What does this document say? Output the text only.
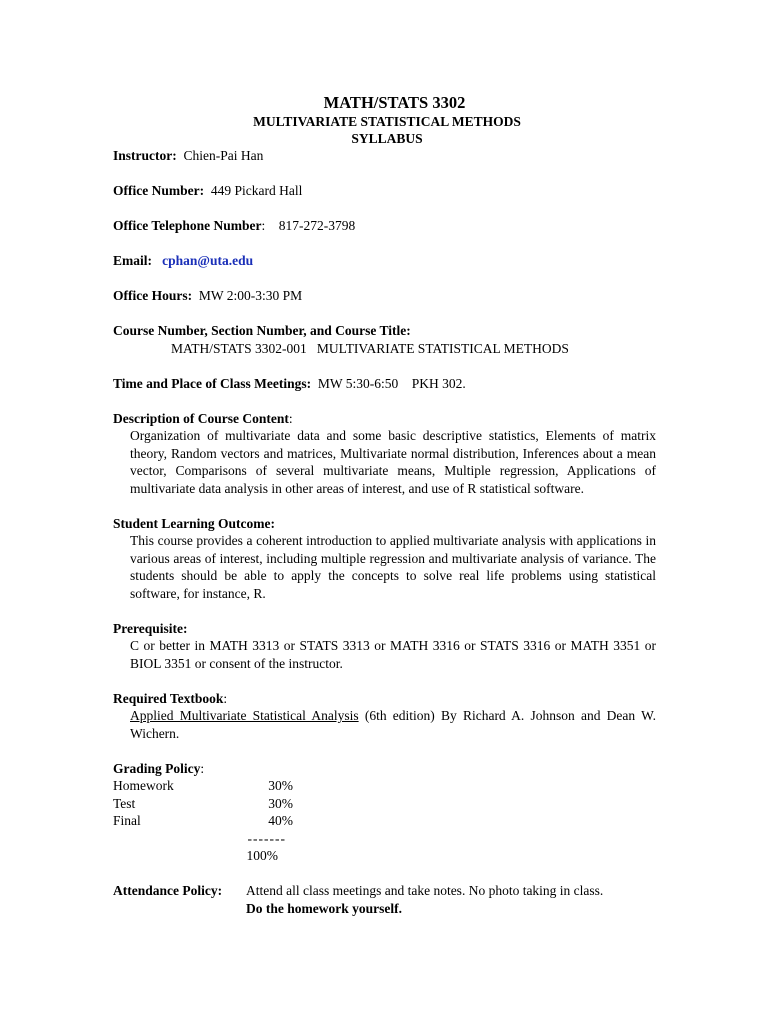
MATH/STATS 3302
MULTIVARIATE STATISTICAL METHODS
SYLLABUS
Instructor: Chien-Pai Han
Office Number: 449 Pickard Hall
Office Telephone Number: 817-272-3798
Email: cphan@uta.edu
Office Hours: MW 2:00-3:30 PM
Course Number, Section Number, and Course Title:
MATH/STATS 3302-001   MULTIVARIATE STATISTICAL METHODS
Time and Place of Class Meetings: MW 5:30-6:50    PKH 302.
Description of Course Content:
Organization of multivariate data and some basic descriptive statistics, Elements of matrix theory, Random vectors and matrices, Multivariate normal distribution, Inferences about a mean vector, Comparisons of several multivariate means, Multiple regression, Applications of multivariate data analysis in other areas of interest, and use of R statistical software.
Student Learning Outcome:
This course provides a coherent introduction to applied multivariate analysis with applications in various areas of interest, including multiple regression and multivariate analysis of variance. The students should be able to apply the concepts to solve real life problems using statistical software, for instance, R.
Prerequisite:
C or better in MATH 3313 or STATS 3313 or MATH 3316 or STATS 3316 or MATH 3351 or BIOL 3351 or consent of the instructor.
Required Textbook:
Applied Multivariate Statistical Analysis (6th edition) By Richard A. Johnson and Dean W. Wichern.
Grading Policy:
Homework	30%
Test	30%
Final	40%
-------
100%
Attendance Policy:	Attend all class meetings and take notes. No photo taking in class.
Do the homework yourself.
